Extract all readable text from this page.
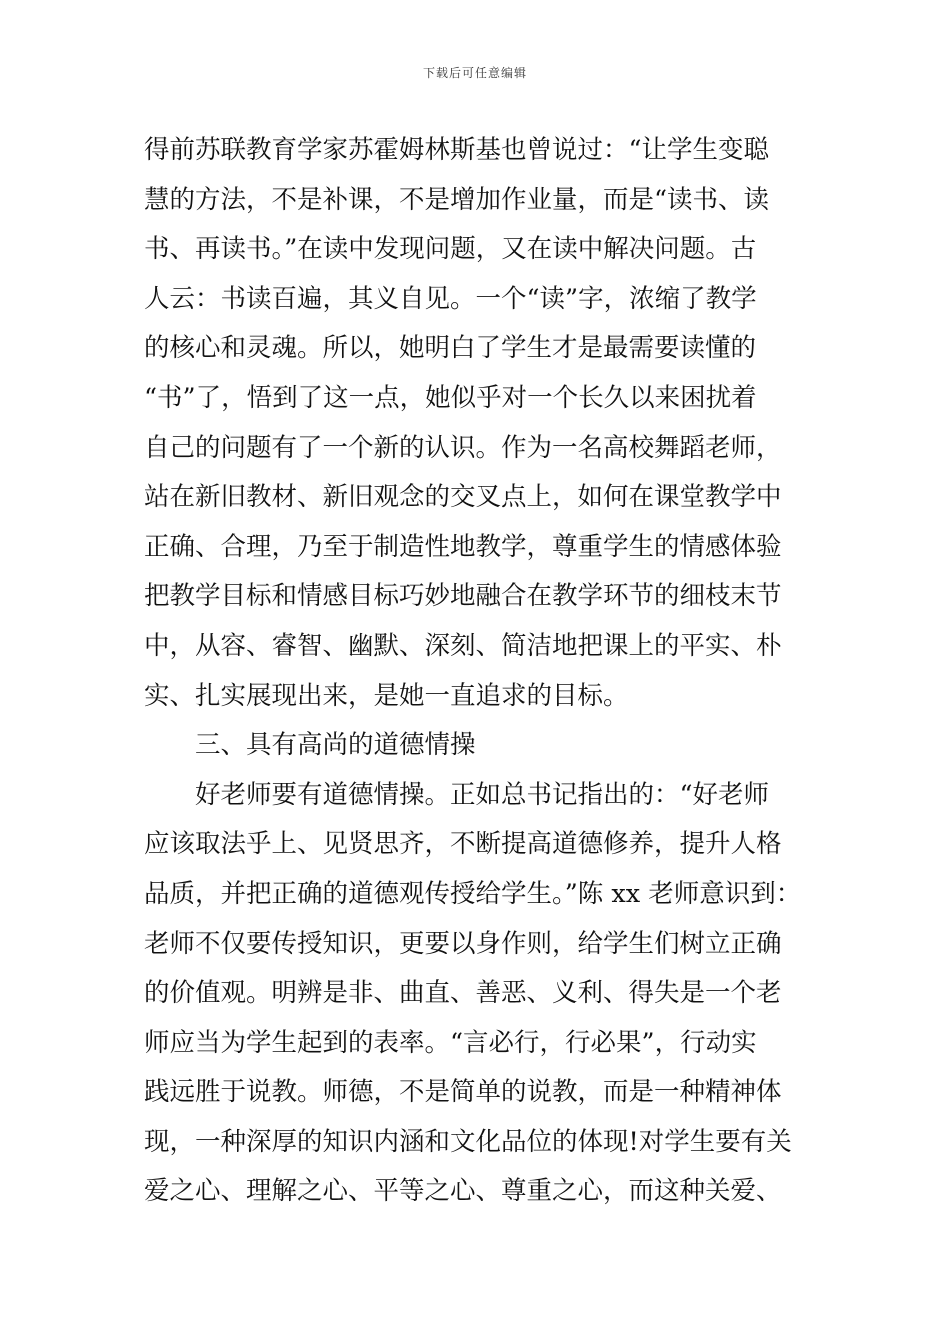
下载后可任意编辑
得前苏联教育学家苏霍姆林斯基也曾说过：“让学生变聪
慧的方法，不是补课，不是增加作业量，而是“读书、读
书、再读书。”在读中发现问题，又在读中解决问题。古
人云：书读百遍，其义自见。一个“读”字，浓缩了教学
的核心和灵魂。所以，她明白了学生才是最需要读懂的
“书”了，悟到了这一点，她似乎对一个长久以来困扰着
自己的问题有了一个新的认识。作为一名高校舞蹈老师，
站在新旧教材、新旧观念的交叉点上，如何在课堂教学中
正确、合理，乃至于制造性地教学，尊重学生的情感体验
把教学目标和情感目标巧妙地融合在教学环节的细枝末节
中，从容、睿智、幽默、深刻、简洁地把课上的平实、朴
实、扎实展现出来，是她一直追求的目标。
三、具有高尚的道德情操
好老师要有道德情操。正如总书记指出的：“好老师
应该取法乎上、见贤思齐，不断提高道德修养，提升人格
品质，并把正确的道德观传授给学生。”陈 xx 老师意识到：
老师不仅要传授知识，更要以身作则，给学生们树立正确
的价值观。明辨是非、曲直、善恶、义利、得失是一个老
师应当为学生起到的表率。“言必行，行必果”，行动实
践远胜于说教。师德，不是简单的说教，而是一种精神体
现，一种深厚的知识内涵和文化品位的体现!对学生要有关
爱之心、理解之心、平等之心、尊重之心，而这种关爱、
